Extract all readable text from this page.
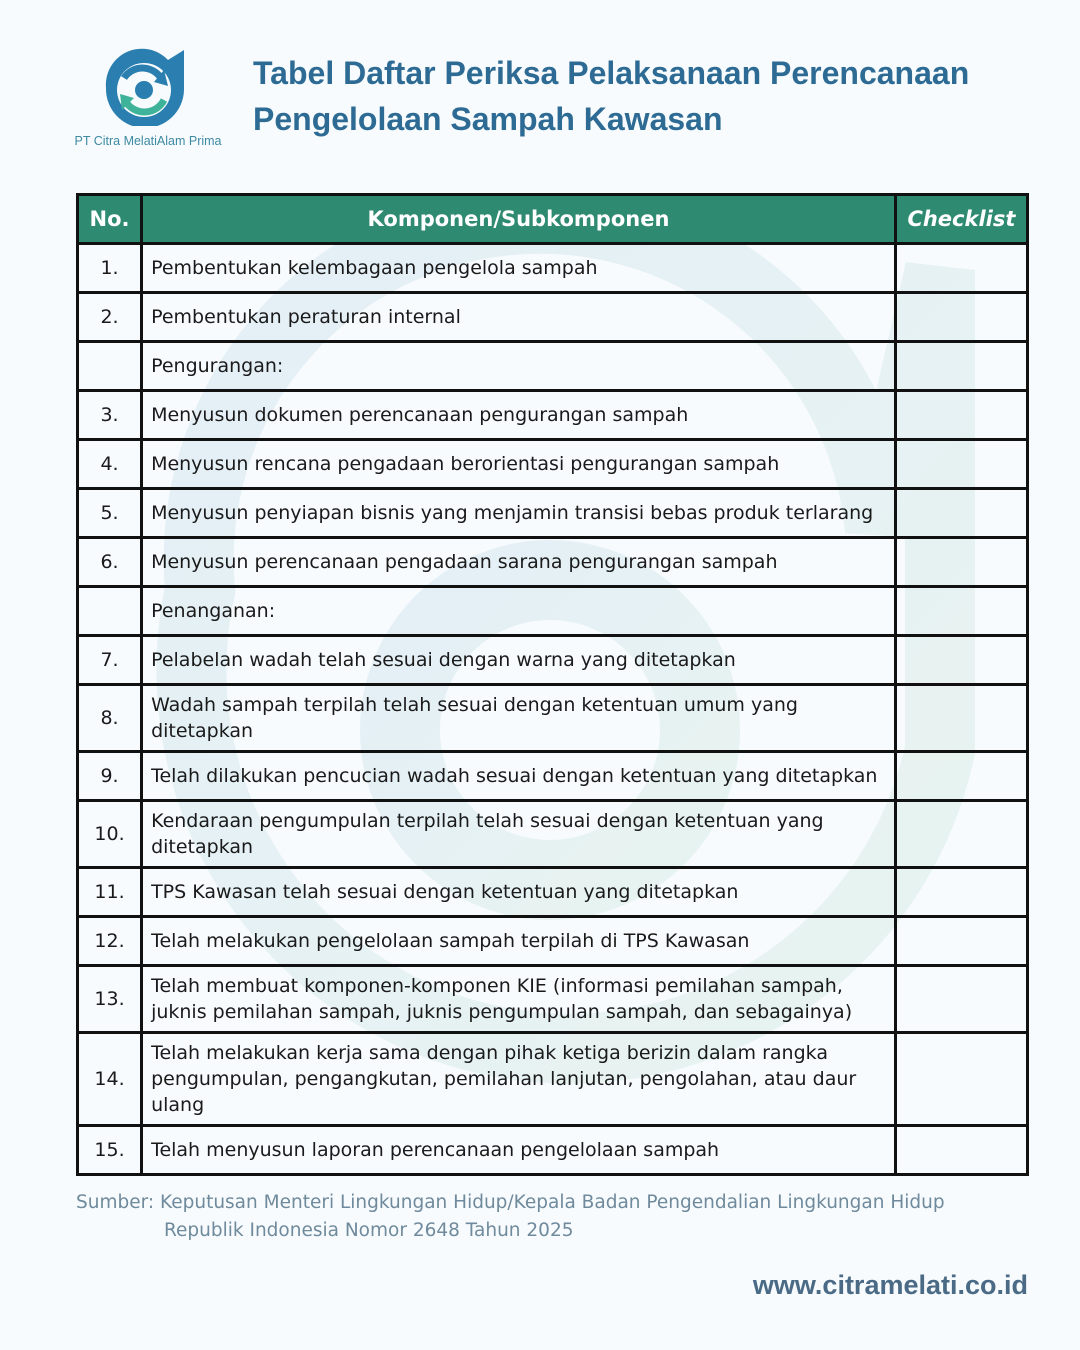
PT Citra MelatiAlam Prima
Tabel Daftar Periksa Pelaksanaan Perencanaan
Pengelolaan Sampah Kawasan
No.	Komponen/Subkomponen	Checklist
1.	Pembentukan kelembagaan pengelola sampah	
2.	Pembentukan peraturan internal	
	Pengurangan:	
3.	Menyusun dokumen perencanaan pengurangan sampah	
4.	Menyusun rencana pengadaan berorientasi pengurangan sampah	
5.	Menyusun penyiapan bisnis yang menjamin transisi bebas produk terlarang	
6.	Menyusun perencanaan pengadaan sarana pengurangan sampah	
	Penanganan:	
7.	Pelabelan wadah telah sesuai dengan warna yang ditetapkan	
8.	Wadah sampah terpilah telah sesuai dengan ketentuan umum yang ditetapkan	
9.	Telah dilakukan pencucian wadah sesuai dengan ketentuan yang ditetapkan	
10.	Kendaraan pengumpulan terpilah telah sesuai dengan ketentuan yang ditetapkan	
11.	TPS Kawasan telah sesuai dengan ketentuan yang ditetapkan	
12.	Telah melakukan pengelolaan sampah terpilah di TPS Kawasan	
13.	Telah membuat komponen-komponen KIE (informasi pemilahan sampah, juknis pemilahan sampah, juknis pengumpulan sampah, dan sebagainya)	
14.	Telah melakukan kerja sama dengan pihak ketiga berizin dalam rangka pengumpulan, pengangkutan, pemilahan lanjutan, pengolahan, atau daur ulang	
15.	Telah menyusun laporan perencanaan pengelolaan sampah	
Sumber: Keputusan Menteri Lingkungan Hidup/Kepala Badan Pengendalian Lingkungan Hidup
Republik Indonesia Nomor 2648 Tahun 2025
www.citramelati.co.id
